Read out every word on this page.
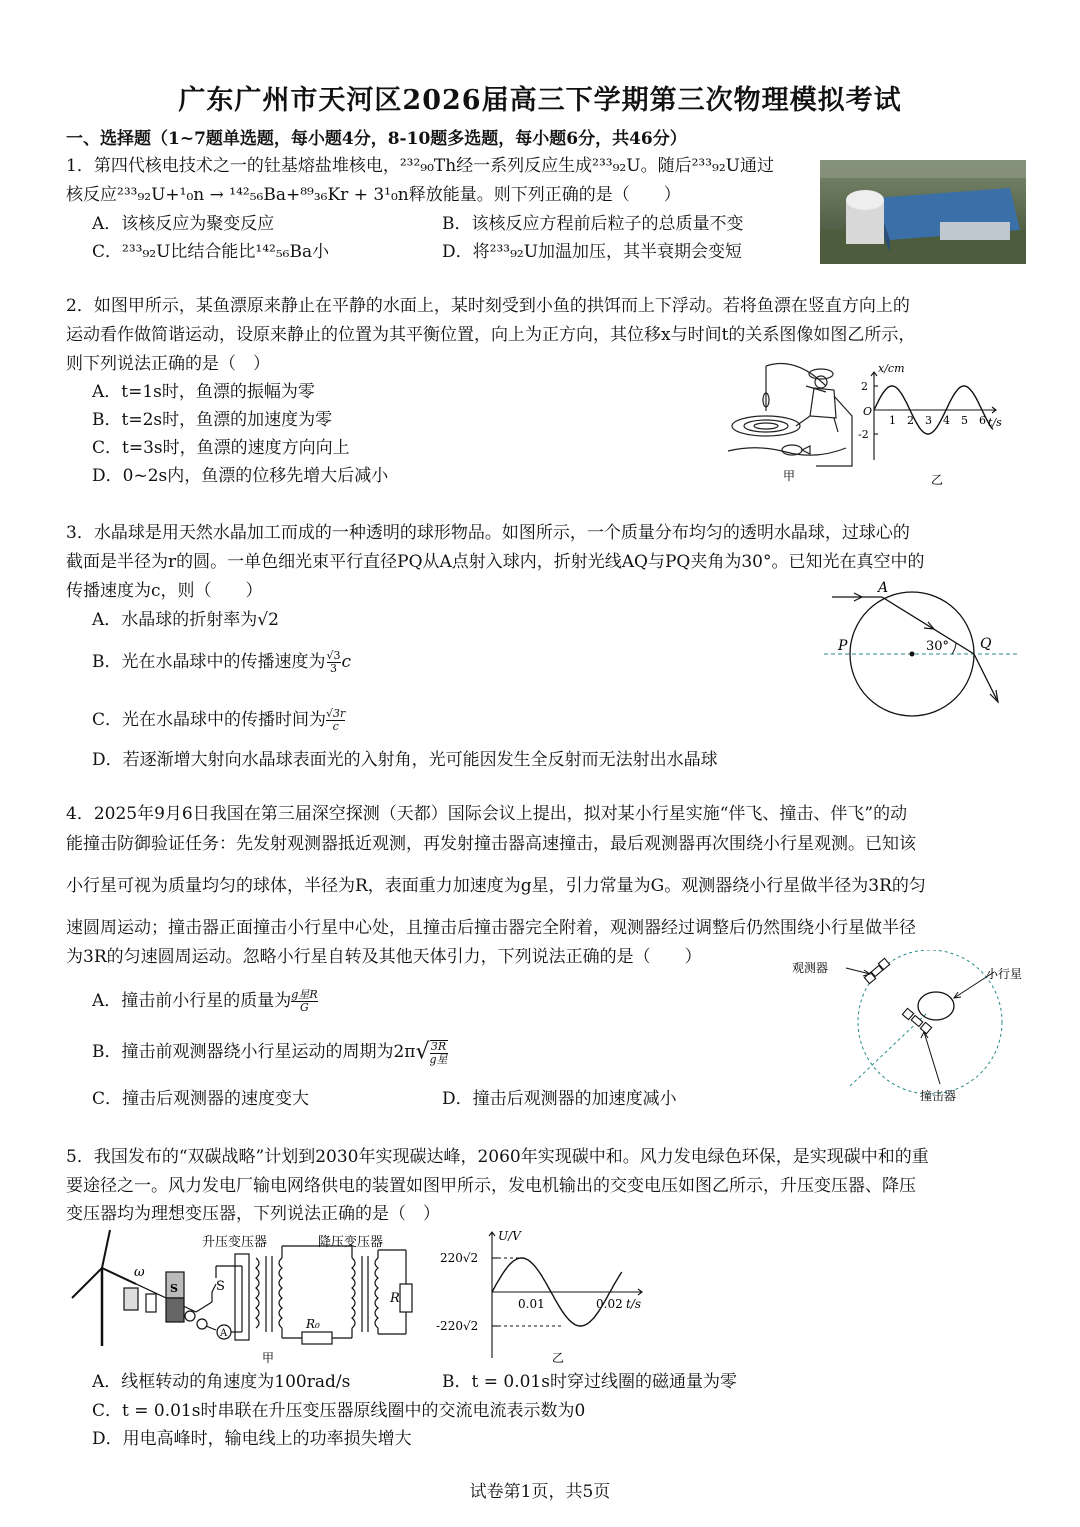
广东广州市天河区2026届高三下学期第三次物理模拟考试
一、选择题（1~7题单选题，每小题4分，8-10题多选题，每小题6分，共46分）
1．第四代核电技术之一的钍基熔盐堆核电，²³²₉₀Th经一系列反应生成²³³₉₂U。随后²³³₉₂U通过
核反应²³³₉₂U+¹₀n → ¹⁴²₅₆Ba+⁸⁹₃₆Kr + 3¹₀n释放能量。则下列正确的是（　　）
A．该核反应为聚变反应	B．该核反应方程前后粒子的总质量不变
C．²³³₉₂U比结合能比¹⁴²₅₆Ba小	D．将²³³₉₂U加温加压，其半衰期会变短
2．如图甲所示，某鱼漂原来静止在平静的水面上，某时刻受到小鱼的拱饵而上下浮动。若将鱼漂在竖直方向上的
运动看作做简谐运动，设原来静止的位置为其平衡位置，向上为正方向，其位移x与时间t的关系图像如图乙所示，
则下列说法正确的是（　）
A．t=1s时，鱼漂的振幅为零
B．t=2s时，鱼漂的加速度为零
C．t=3s时，鱼漂的速度方向向上
D．0~2s内，鱼漂的位移先增大后减小	甲
x/cm
2
-2
O
1 2 3 4 5 6 t/s
乙
3．水晶球是用天然水晶加工而成的一种透明的球形物品。如图所示，一个质量分布均匀的透明水晶球，过球心的
截面是半径为r的圆。一单色细光束平行直径PQ从A点射入球内，折射光线AQ与PQ夹角为30°。已知光在真空中的
传播速度为c，则（　　）
A．水晶球的折射率为√2
B．光在水晶球中的传播速度为 $\frac{√3}{3}$ c
C．光在水晶球中的传播时间为 $\frac{√3r}{c}$
D．若逐渐增大射向水晶球表面光的入射角，光可能因发生全反射而无法射出水晶球
A
P	Q
30°
4．2025年9月6日我国在第三届深空探测（天都）国际会议上提出，拟对某小行星实施“伴飞、撞击、伴飞”的动
能撞击防御验证任务：先发射观测器抵近观测，再发射撞击器高速撞击，最后观测器再次围绕小行星观测。已知该
小行星可视为质量均匀的球体，半径为R，表面重力加速度为g星，引力常量为G。观测器绕小行星做半径为3R的匀
速圆周运动；撞击器正面撞击小行星中心处，且撞击后撞击器完全附着，观测器经过调整后仍然围绕小行星做半径
为3R的匀速圆周运动。忽略小行星自转及其他天体引力，下列说法正确的是（　　）
A．撞击前小行星的质量为 g星R
G
B．撞击前观测器绕小行星运动的周期为2π√ 3R
g星
C．撞击后观测器的速度变大	D．撞击后观测器的加速度减小
观测器	小行星
撞击器
5．我国发布的“双碳战略”计划到2030年实现碳达峰，2060年实现碳中和。风力发电绿色环保，是实现碳中和的重
要途径之一。风力发电厂输电网络供电的装置如图甲所示，发电机输出的交变电压如图乙所示，升压变压器、降压
变压器均为理想变压器，下列说法正确的是（　）
S
ω
A
S
升压变压器	降压变压器
R₀
R
甲
U/V
220√2
-220√2
0.01	0.02 t/s
乙
A．线框转动的角速度为100rad/s	B．t = 0.01s时穿过线圈的磁通量为零
C．t = 0.01s时串联在升压变压器原线圈中的交流电流表示数为0
D．用电高峰时，输电线上的功率损失增大
试卷第1页，共5页
